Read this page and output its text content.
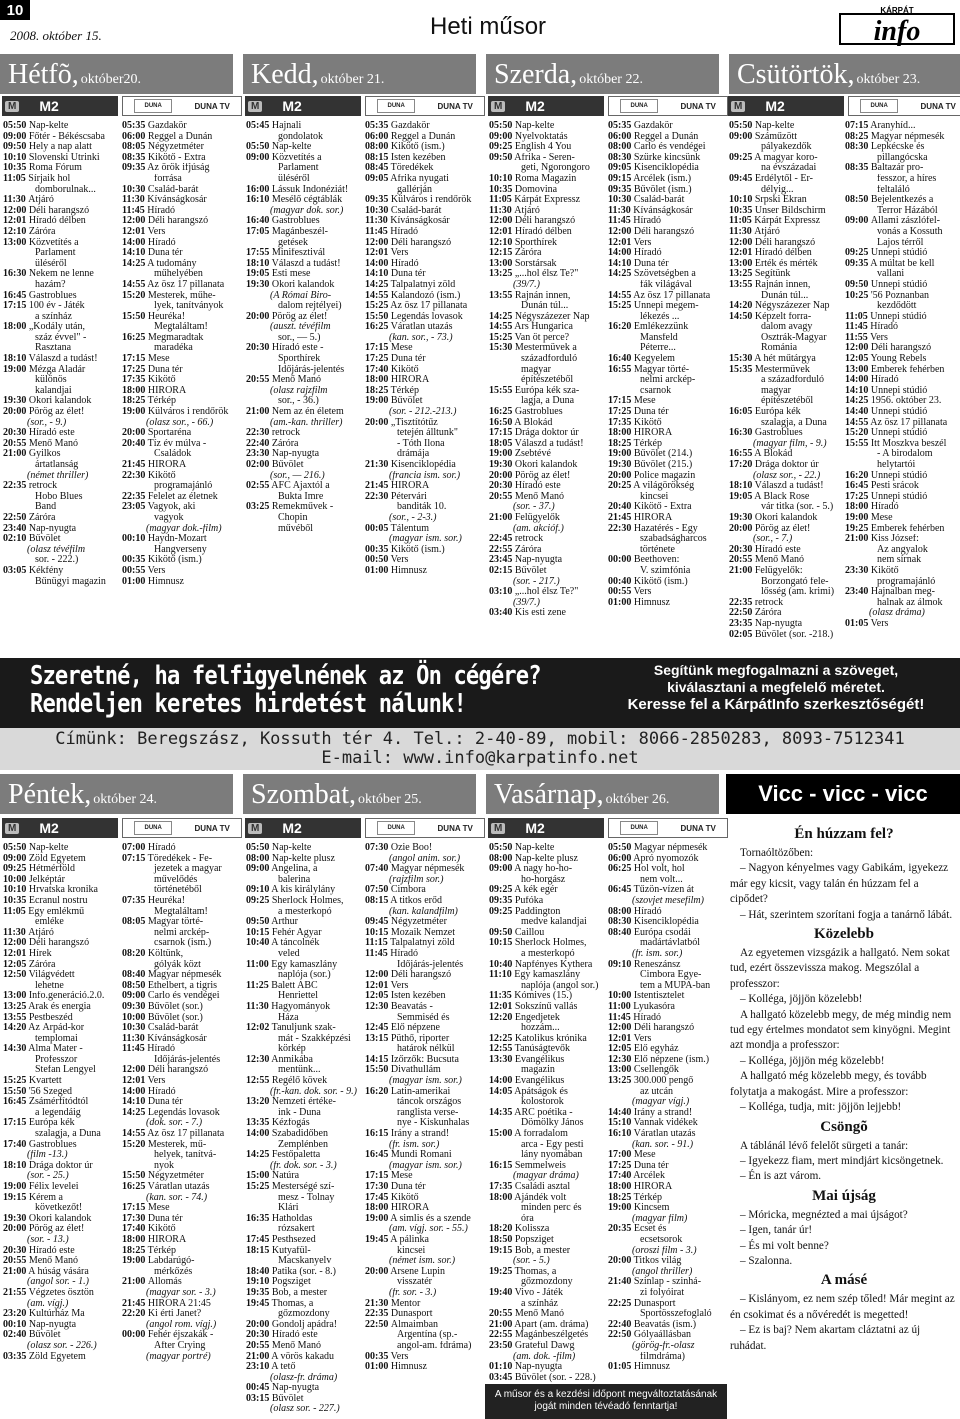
10
2008. október 15.	Heti műsor
KÁRPÁT
info
Hétfõ, október20.	Kedd, október 21.	Szerda, október 22.	Csütörtök, október 23.
M M2	DUNA	DUNA TV	M M2	DUNA	DUNA TV	M M2	DUNA	DUNA TV	M M2	DUNA	DUNA TV
05:50 Nap-kelte
09:00 Főtér - Békéscsaba
09:50 Hely a nap alatt
10:10 Slovenski Utrinki
10:35 Roma Fórum
11:05 Sírjaik hol
domborulnak...
11:30 Átjáró
12:00 Déli harangszó
12:01 Híradó délben
12:10 Záróra
13:00 Közvetítés a
Parlament
üléséről
16:30 Nekem ne lenne
hazám?
16:45 Gastroblues
17:15 100 év - Játék
a színház
18:00 „Kodály után,
száz évvel" -
Rasztana
18:10 Válaszd a tudást!
19:00 Mézga Aladár
különös
kalandjai
19:30 Ókori kalandok
20:00 Pörög az élet!
(sor., - 9.)
20:30 Híradó este
20:55 Menő Manó
21:00 Gyilkos
ártatlanság
(német thriller)
22:35 retrock
Hobo Blues
Band
22:50 Záróra
23:40 Nap-nyugta
02:10 Bűvölet
(olasz tévéfilm
sor. - 222.)
03:05 Kékfény
Bűnügyi magazin
05:35 Gazdakör
06:00 Reggel a Dunán
08:05 Négyzetméter
08:35 Kikötő - Extra
09:35 Az örök ifjúság
forrása
10:30 Család-barát
11:30 Kívánságkosár
11:45 Híradó
12:00 Déli harangszó
12:01 Vers
14:00 Híradó
14:10 Duna tér
14:25 A tudomány
műhelyében
14:55 Az ösz 17 pillanata
15:20 Mesterek, műhe-
lyek, tanítványok
15:50 Heuréka!
Megtaláltam!
16:25 Megmaradtak
maradéka
17:15 Mese
17:25 Duna tér
17:35 Kikötő
18:00 HÍRÓRA
18:25 Térkép
19:00 Külváros i rendőrök
(olasz sor., - 66.)
20:00 Sportaréna
20:40 Tíz év múlva -
Családok
21:45 HÍRÓRA
22:30 Kikötő
programajánló
22:35 Felelet az életnek
23:05 Vagyok, aki
vagyok
(magyar dok.-film)
00:10 Haydn-Mozart
Hangverseny
00:35 Kikötő (ism.)
00:55 Vers
01:00 Himnusz
05:45 Hajnali
gondolatok
05:50 Nap-kelte
09:00 Közvetítés a
Parlament
üléséről
16:00 Lássuk Indonéziát!
16:10 Mesélő cégtáblák
(magyar dok. sor.)
16:40 Gastroblues
17:05 Magánbeszél-
getések
17:55 Minifesztivál
18:10 Válaszd a tudást!
19:05 Esti mese
19:30 Ókori kalandok
(A Római Biro-
dalom rejtélyei)
20:00 Pörög az élet!
(auszt. tévéfilm
sor., — 5.)
20:30 Híradó este -
Sporthírek
Időjárás-jelentés
20:55 Menő Manó
(olasz rajzfilm
sor., - 36.)
21:00 Nem az én életem
(am.-kan. thriller)
22:30 retrock
22:40 Záróra
23:30 Nap-nyugta
02:00 Bűvölet
(sor., — 216.)
02:55 AFC Ajaxtól a
Bukta Imre
03:25 Remekművek -
Chopin
művéből
05:35 Gazdakör
06:00 Reggel a Dunán
08:00 Kikötő (ism.)
08:15 Isten kezében
08:45 Töredékek
09:05 Afrika nyugati
gallérján
09:35 Külváros i rendőrök
10:30 Család-barát
11:30 Kívánságkosár
11:45 Híradó
12:00 Déli harangszó
12:01 Vers
14:00 Híradó
14:10 Duna tér
14:25 Talpalatnyi zöld
14:55 Kalandozó (ism.)
15:25 Az ösz 17 pillanata
15:50 Legendás lovasok
16:25 Váratlan utazás
(kan. sor., - 73.)
17:15 Mese
17:25 Duna tér
17:40 Kikötő
18:00 HÍRÓRA
18:25 Térkép
19:00 Bűvölet
(sor. - 212.-213.)
20:00 „Tisztítótűz
tetején álltunk"
- Tóth Ilona
drámája
21:30 Kisenciklopédia
(francia ism. sor.)
21:45 HÍRÓRA
22:30 Pétervári
banditák 10.
(sor., - 2-3.)
00:05 Tálentum
(magyar ism. sor.)
00:35 Kikötő (ism.)
00:50 Vers
01:00 Himnusz
05:50 Nap-kelte
09:00 Nyelvoktatás
09:25 English 4 You
09:50 Afrika - Seren-
geti, Ngorongoro
10:10 Roma Magazin
10:35 Domovina
11:05 Kárpát Expressz
11:30 Átjáró
12:00 Déli harangszó
12:01 Híradó délben
12:10 Sporthírek
12:15 Záróra
13:00 Sorstársak
13:25 „...hol élsz Te?"
(39/7.)
13:55 Rajnán innen,
Dunán túl...
14:25 Négyszázezer Nap
14:55 Ars Hungarica
15:25 Van öt perce?
15:30 Mestermüvek a
századforduló
magyar
építészetéből
15:55 Európa kék sza-
lagja, a Duna
16:25 Gastroblues
16:50 A Blokád
17:15 Drága doktor úr
18:05 Válaszd a tudást!
19:00 Zsebtévé
19:30 Ókori kalandok
20:00 Pörög az élet!
20:30 Híradó este
20:55 Menő Manó
(sor. - 37.)
21:00 Felügyelők
(am. akcióf.)
22:45 retrock
22:55 Záróra
23:45 Nap-nyugta
02:15 Bűvölet
(sor. - 217.)
03:10 „...hol élsz Te?"
(39/7.)
03:40 Kis esti zene
05:35 Gazdakör
06:00 Reggel a Dunán
08:00 Carlo és vendégei
08:30 Szürke kincsünk
09:05 Kisenciklopédia
09:15 Arcélek (ism.)
09:35 Bűvölet (ism.)
10:30 Család-barát
11:30 Kívánságkosár
11:45 Híradó
12:00 Déli harangszó
12:01 Vers
14:00 Híradó
14:10 Duna tér
14:25 Szövetségben a
fák világával
14:55 Az ösz 17 pillanata
15:25 Ünnepi megem-
lékezés ...
16:20 Emlékezzünk
Mansfeld
Péterre...
16:40 Kegyelem
16:55 Magyar törté-
nelmi arckép-
csarnok
17:15 Mese
17:25 Duna tér
17:35 Kikötő
18:00 HÍRÓRA
18:25 Térkép
19:00 Bűvölet (214.)
19:30 Bűvölet (215.)
20:00 Police magazin
20:25 A világörökség
kincsei
20:40 Kikötő - Extra
21:45 HÍRÓRA
22:30 Hazatérés - Egy
szabadságharcos
története
00:00 Beethoven:
V. szimfónia
00:40 Kikötő (ism.)
00:55 Vers
01:00 Himnusz
05:50 Nap-kelte
09:00 Száműzött
pályakezdők
09:25 A magyar koro-
na évszázadai
09:45 Erdélytől - Er-
délyig...
10:10 Srpski Ekran
10:35 Unser Bildschirm
11:05 Kárpát Expressz
11:30 Átjáró
12:00 Déli harangszó
12:01 Híradó délben
13:00 Érték és mérték
13:25 Segítünk
13:55 Rajnán innen,
Dunán túl...
14:20 Négyszázezer Nap
14:50 Képzelt forra-
dalom avagy
Osztrák-Magyar
Románia
15:30 A hét műtárgya
15:35 Mestermüvek
a századforduló
magyar
építészetéből
16:05 Európa kék
szalagja, a Duna
16:30 Gastroblues
(magyar film, - 9.)
16:55 A Blokád
17:20 Drága doktor úr
(olasz sor., - 22.)
18:10 Válaszd a tudást!
19:05 A Black Rose
vár titka (sor. - 5.)
19:30 Ókori kalandok
20:00 Pörög az élet!
(sor., - 7.)
20:30 Híradó este
20:55 Menő Manó
21:00 Felügyelők:
Borzongató fele-
lősség (am. krimi)
22:35 retrock
22:50 Záróra
23:35 Nap-nyugta
02:05 Bűvölet (sor. -218.)
07:15 Aranyhíd...
08:25 Magyar népmesék
08:30 Lepkécske és
pillangócska
08:35 Baltazár pro-
fesszor, a híres
feltaláló
08:50 Bejelentkezés a
Terror Házából
09:00 Állami zászlófel-
vonás a Kossuth
Lajos térről
09:25 Ünnepi stúdió
09:35 A múltat be kell
vallani
09:50 Ünnepi stúdió
10:25 '56 Poznanban
kezdődött
11:05 Ünnepi stúdió
11:45 Híradó
11:55 Vers
12:00 Déli harangszó
12:05 Young Rebels
13:00 Emberek fehérben
14:00 Híradó
14:10 Ünnepi stúdió
14:25 1956. október 23.
14:40 Ünnepi stúdió
14:55 Az ösz 17 pillanata
15:20 Ünnepi stúdió
15:55 Itt Moszkva beszél
- A birodalom
helytartói
16:20 Ünnepi stúdió
16:45 Pesti srácok
17:25 Ünnepi stúdió
18:00 Híradó
19:00 Mese
19:25 Emberek fehérben
21:00 Kiss József:
Az angyalok
nem sírnak
23:30 Kikötő
programajánló
23:40 Hajnalban meg-
halnak az álmok
(olasz dráma)
01:05 Vers
Szeretné, ha felfigyelnének az Ön cégére?
Rendeljen keretes hirdetést nálunk!
Segítünk megfogalmazni a szöveget,
kiválasztani a megfelelő méretet.
Keresse fel a KárpátInfo szerkesztőségét!
Címünk: Beregszász, Kossuth tér 4. Tel.: 2-40-89, mobil: 8066-2850283, 8093-7512341
E-mail: www.info@karpatinfo.net
Péntek, október 24.	Szombat, október 25.	Vasárnap, október 26.	Vicc - vicc - vicc
M M2	DUNA	DUNA TV	M M2	DUNA	DUNA TV	M M2	DUNA	DUNA TV
05:50 Nap-kelte
09:00 Zöld Egyetem
09:25 Hétmérföld
10:00 Jelképtár
10:10 Hrvatska kronika
10:35 Ecranul nostru
11:05 Egy emlékmű
emléke
11:30 Átjáró
12:00 Déli harangszó
12:01 Hírek
12:05 Záróra
12:50 Világvédett
lehetne
13:00 Info.generáció.2.0.
13:25 Arak és energia
13:55 Pestbeszéd
14:20 Az Árpád-kor
templomai
14:30 Alma Mater -
Professzor
Stefan Lengyel
15:25 Kvartett
15:50 '56 Szeged
16:45 Zsámérfítódtól
a legendáig
17:15 Európa kék
szalagja, a Duna
17:40 Gastroblues
(film -13.)
18:10 Drága doktor úr
(sor. - 25.)
19:00 Félix levelei
19:15 Kérem a
következőt!
19:30 Ókori kalandok
20:00 Pörög az élet!
(sor. - 13.)
20:30 Híradó este
20:55 Menő Manó
21:00 A húság vására
(angol sor. - 1.)
21:55 Végzetes ösztön
(am. vígj.)
23:20 Kultúrház Ma
00:10 Nap-nyugta
02:40 Bűvölet
(olasz sor. - 226.)
03:35 Zöld Egyetem
07:00 Híradó
07:15 Töredékek - Fe-
jezetek a magyar
művelődés
történetéből
07:35 Heuréka!
Megtaláltam!
08:05 Magyar törté-
nelmi arckép-
csarnok (ism.)
08:20 Költünk,
gólyák közt
08:40 Magyar népmesék
08:50 Ethelbert, a tigris
09:00 Carlo és vendégei
09:30 Bűvölet (sor.)
10:00 Bűvölet (sor.)
10:30 Család-barát
11:30 Kívánságkosár
11:45 Híradó
Időjárás-jelentés
12:00 Déli harangszó
12:01 Vers
14:00 Híradó
14:10 Duna tér
14:25 Legendás lovasok
(dok. sor. - 7.)
14:55 Az ösz 17 pillanata
15:20 Mesterek, mű-
helyek, tanítvá-
nyok
15:50 Négyzetméter
16:25 Váratlan utazás
(kan. sor. - 74.)
17:15 Mese
17:30 Duna tér
17:40 Kikötő
18:00 HÍRÓRA
18:25 Térkép
19:00 Labdarúgó-
mérkőzés
21:00 Állomás
(magyar sor. - 3.)
21:45 HÍRÓRA 21:45
22:20 Ki érti Janet?
(angol rom. vígj.)
00:00 Fehér éjszakák -
After Crying
(magyar portré)
05:50 Nap-kelte
08:00 Nap-kelte plusz
09:00 Angelina, a
balerina
09:10 A kis királylány
09:25 Sherlock Holmes,
a mesterkopó
09:50 Arthur
10:15 Fehér Agyar
10:40 A táncolnék
veled
11:00 Egy kamaszlány
naplója (sor.)
11:25 Balett ABC
Henriettel
11:30 Hagyományok
Háza
12:02 Tanuljunk szak-
mát - Szakképzési
körkép
12:30 Anmikába
mentünk...
12:55 Regélő kövek
(fr.-kan. dok. sor. - 9.)
13:20 Nemzeti értéke-
ink - Duna
13:35 Kézfogás
14:00 Szabadidőben
Zemplénben
14:25 Festőpaletta
(fr. dok. sor. - 3.)
15:00 Natúra
15:25 Mesterségé szí-
mesz - Tolnay
Klári
16:35 Hatholdas
rózsakert
17:45 Pesthsezed
18:15 Kutyafül-
Macskanyelv
18:40 Patikа (sor. - 8.)
19:10 Pogsziget
19:35 Bob, a mester
19:45 Thomas, a
gőzmozdony
20:00 Gondolj apádra!
20:30 Híradó este
20:55 Menő Manó
21:00 A vörös kakadu
23:10 A tető
(olasz-fr. dráma)
00:45 Nap-nyugta
03:15 Bűvölet
(olasz sor. - 227.)
07:30 Ozie Boo!
(angol anim. sor.)
07:40 Magyar népmesék
(rajzfilm sor.)
07:50 Cimbora
08:15 A titkos erőd
(kan. kalandfilm)
09:45 Négyzetméter
10:15 Mozaik Nemzet
11:15 Talpalatnyi zöld
11:45 Híradó
Időjárás-jelentés
12:00 Déli harangszó
12:01 Vers
12:05 Isten kezében
12:30 Beavatás -
Semmiséd és
12:45 Élő népzene
13:15 Püthő, riporter
határok nélkül
14:15 Izőrzők: Bucsuta
15:50 Divathullám
(magyar ism. sor.)
16:20 Latin-amerikai
táncok országos
ranglista verse-
nye - Kiskunhalas
16:15 Irány a strand!
(fr. ism. sor.)
16:45 Mundi Romani
(magyar ism. sor.)
17:15 Mese
17:30 Duna tér
17:45 Kikötő
18:00 HÍRÓRA
19:00 A simlis és a szende
(am. vígj. sor. - 55.)
19:45 A pálinka
kincsei
(német ism. sor.)
20:00 Arsene Lupin
visszatér
(fr. sor. - 3.)
21:30 Mentor
22:35 Dunasport
22:50 Álmaimban
Argentína (sp.-
angol-am. fdráma)
00:35 Vers
01:00 Himnusz
05:50 Nap-kelte
08:00 Nap-kelte plusz
09:00 A nagy ho-ho-
ho-horgász
09:25 A kék egér
09:35 Pufóka
09:25 Paddington
medve kalandjai
09:50 Caillou
10:15 Sherlock Holmes,
a mesterkopó
10:40 Napfényes Kythera
11:10 Egy kamaszlány
naplója (angol sor.)
11:35 Kómives (15.)
12:01 Sokszínű vallás
12:20 Engedjetek
hozzám...
12:25 Katolikus krónika
12:55 Tanúságtevők
13:30 Evangélikus
magazin
14:00 Evangélikus
14:05 Apátságok és
kolostorok
14:35 ARC poétika -
Dömölky János
15:00 A forradalom
arca - Egy pesti
lány nyomában
16:15 Semmelweis
(magyar dráma)
17:35 Családi asztal
18:00 Ajándék volt
minden perc és
óra
18:20 Kolissza
18:50 Popsziget
19:15 Bob, a mester
(sor. - 5.)
19:25 Thomas, a
gőzmozdony
19:40 Vivo - Játék
a színház
20:55 Menő Manó
21:00 Apart (am. dráma)
22:55 Magánbeszélgetés
23:50 Grateful Dawg
(am. dok. -film)
01:10 Nap-nyugta
03:45 Bűvölet (sor. - 228.)
05:50 Magyar népmesék
06:00 Apró nyomozók
06:25 Hol volt, hol
nem volt...
06:45 Tűzön-vízen át
(szovjet mesefilm)
08:00 Híradó
08:30 Kisenciklopédia
08:40 Európa csodái
madártávlatból
(fr. ism. sor.)
09:10 Reneszánsz
Cimbora Egye-
tem a MÚPA-ban
10:00 Istentisztelet
11:00 Lyukasóra
11:45 Híradó
12:00 Déli harangszó
12:01 Vers
12:05 Élő egyház
12:30 Élő népzene (ism.)
13:00 Csellengők
13:25 300.000 pengő
az utcán
(magyar vígj.)
14:40 Irány a strand!
15:10 Vannak vidékek
16:10 Váratlan utazás
(kan. sor. - 91.)
17:00 Mese
17:25 Duna tér
17:40 Arcélek
18:00 HÍRÓRA
18:25 Térkép
19:00 Kincsem
(magyar film)
20:35 Ecset és
ecsetsorok
(oroszi film - 3.)
20:00 Titkos világ
(angol thriller)
21:40 Szinlap - szinhá-
zi folyóirat
22:25 Dunasport
Sportösszefoglaló
22:40 Beavatás (ism.)
22:50 Gólyaállásban
(görög-fr.-olasz
filmdráma)
01:05 Himnusz
A műsor és a kezdési időpont megváltoztatásának jogát minden tévéadó fenntartja!
Én húzzam fel?

Tornaóltözőben:

– Nagyon kényelmes vagy Gabikám, igyekezz már egy kicsit, vagy talán én húzzam fel a cipődet?

– Hát, szerintem szorítani fogja a tanárnő lábát.

Közelebb

Az egyetemen vizsgázik a hallgató. Nem sokat tud, ezért összevissza makog. Megszólal a professzor:

– Kolléga, jöjjön közelebb!

A hallgató közelebb megy, de még mindig nem tud egy értelmes mondatot sem kinyögni. Megint azt mondja a professzor:

– Kolléga, jöjjön még közelebb!

A hallgató még közelebb megy, és tovább folytatja a makogást. Mire a professzor:

– Kolléga, tudja, mit: jöjjön lejjebb!

Csöngõ

A táblánál lévő felelőt sürgeti a tanár:

– Igyekezz fiam, mert mindjárt kicsöngetnek.

– Én is azt várom.

Mai újság

– Móricka, megnézted a mai újságot?

– Igen, tanár úr!

– És mi volt benne?

– Szalonna.

A másé

– Kislányom, ez nem szép tőled! Már megint az én csokimat és a nővéredét is megetted!

– Ez is baj? Nem akartam cláztatni az új ruhádat.
